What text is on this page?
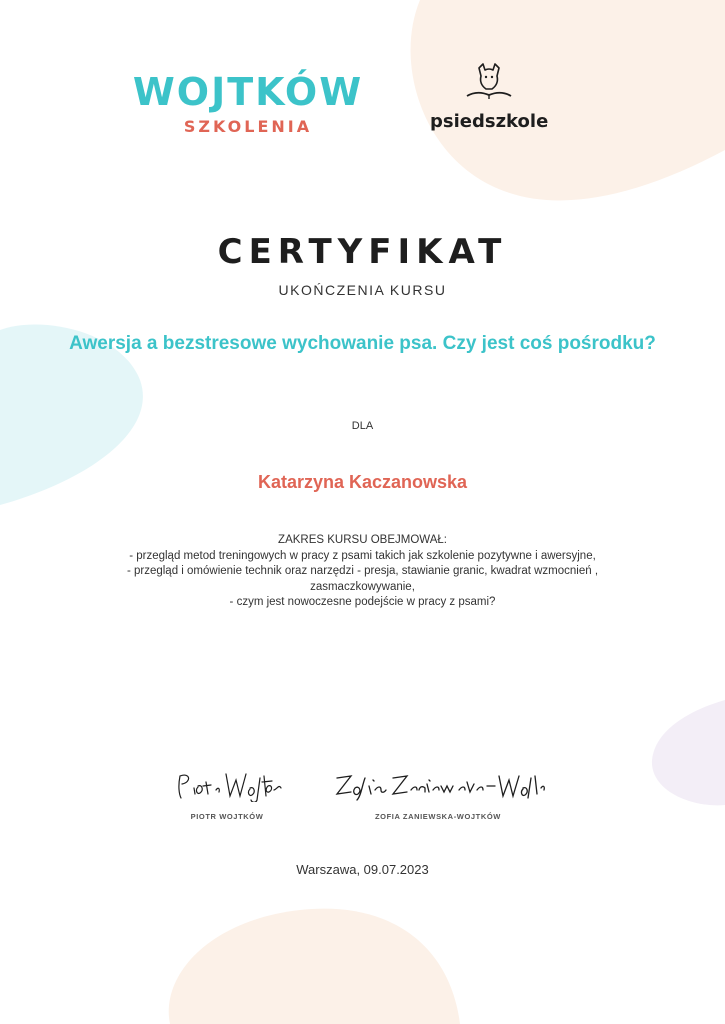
WOJTKÓW
SZKOLENIA	psiedszkole
CERTYFIKAT
UKOŃCZENIA KURSU
Awersja a bezstresowe wychowanie psa. Czy jest coś pośrodku?
DLA
Katarzyna Kaczanowska
ZAKRES KURSU OBEJMOWAŁ:
- przegląd metod treningowych w pracy z psami takich jak szkolenie pozytywne i awersyjne,
- przegląd i omówienie technik oraz narzędzi - presja, stawianie granic, kwadrat wzmocnień ,
zasmaczkowywanie,
- czym jest nowoczesne podejście w pracy z psami?
PIOTR WOJTKÓW	ZOFIA ZANIEWSKA-WOJTKÓW
Warszawa, 09.07.2023
